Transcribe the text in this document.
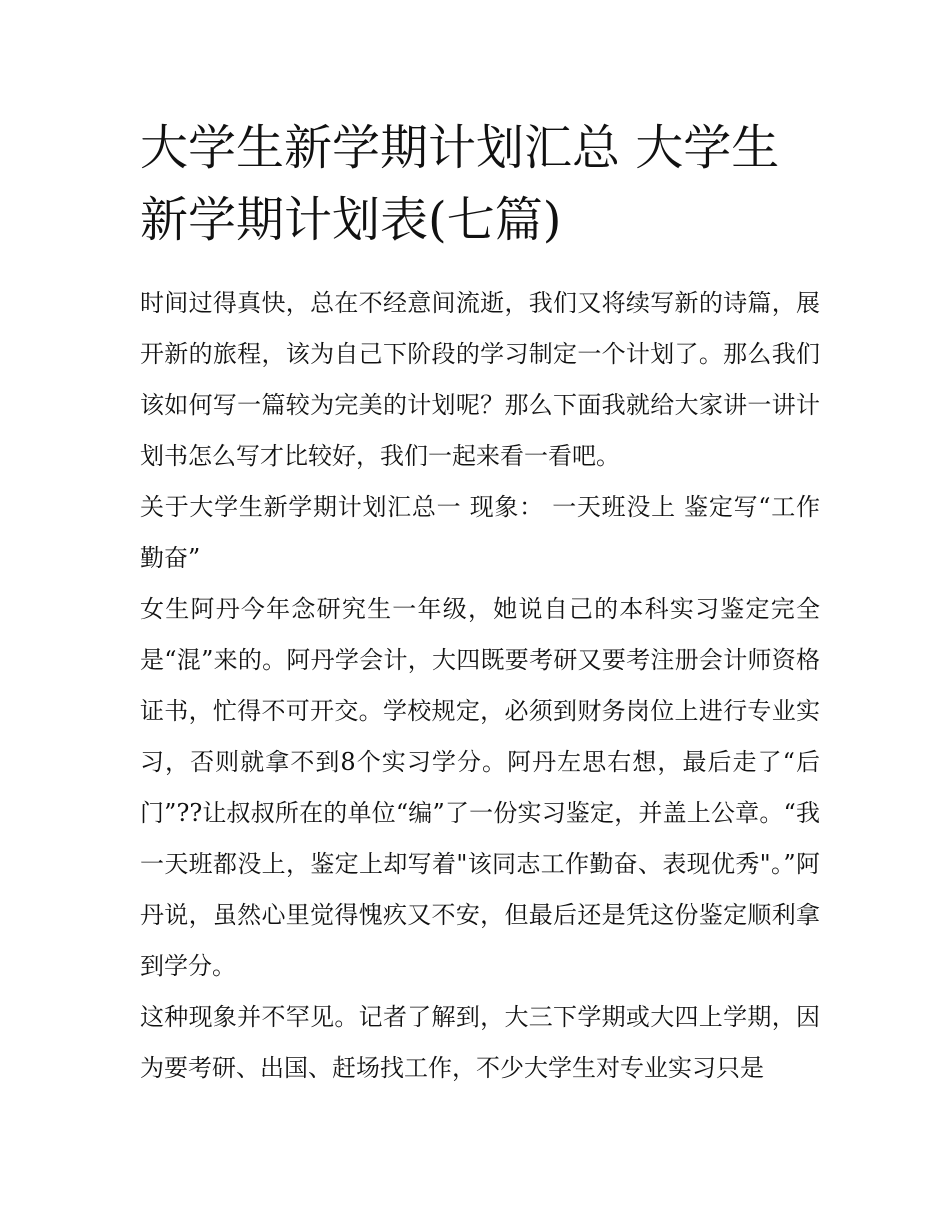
大学生新学期计划汇总 大学生新学期计划表(七篇)

时间过得真快，总在不经意间流逝，我们又将续写新的诗篇，展开新的旅程，该为自己下阶段的学习制定一个计划了。那么我们该如何写一篇较为完美的计划呢？那么下面我就给大家讲一讲计划书怎么写才比较好，我们一起来看一看吧。

关于大学生新学期计划汇总一 现象： 一天班没上 鉴定写“工作勤奋”

女生阿丹今年念研究生一年级，她说自己的本科实习鉴定完全是“混”来的。阿丹学会计，大四既要考研又要考注册会计师资格证书，忙得不可开交。学校规定，必须到财务岗位上进行专业实习，否则就拿不到8个实习学分。阿丹左思右想，最后走了“后门”??让叔叔所在的单位“编”了一份实习鉴定，并盖上公章。“我一天班都没上，鉴定上却写着"该同志工作勤奋、表现优秀"。”阿丹说，虽然心里觉得愧疚又不安，但最后还是凭这份鉴定顺利拿到学分。

这种现象并不罕见。记者了解到，大三下学期或大四上学期，因为要考研、出国、赶场找工作，不少大学生对专业实习只是
